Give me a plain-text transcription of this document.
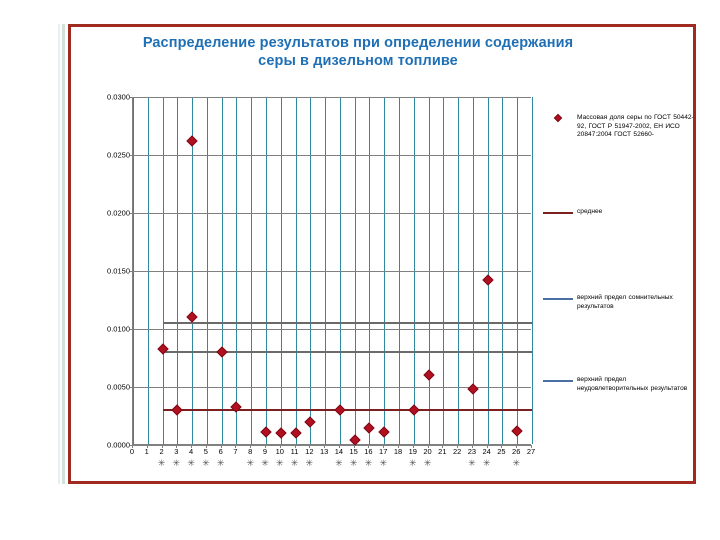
Распределение результатов при определении содержания
серы в дизельном топливе
0.0000
0.0050
0.0100
0.0150
0.0200
0.0250
0.0300
0 1 2
✳
3
✳
4
✳
5
✳
6
✳
7 8
✳
9
✳
10
✳
11
✳
12
✳
13 14
✳
15
✳
16
✳
17
✳
18 19
✳
20
✳
21 22 23
✳
24
✳
25 26
✳
27
Массовая доля серы по ГОСТ 50442-92, ГОСТ Р 51947-2002, ЕН ИСО 20847:2004 ГОСТ 52660-
среднее
верхний предел сомнительных результатов
верхний предел неудовлетворительных результатов
